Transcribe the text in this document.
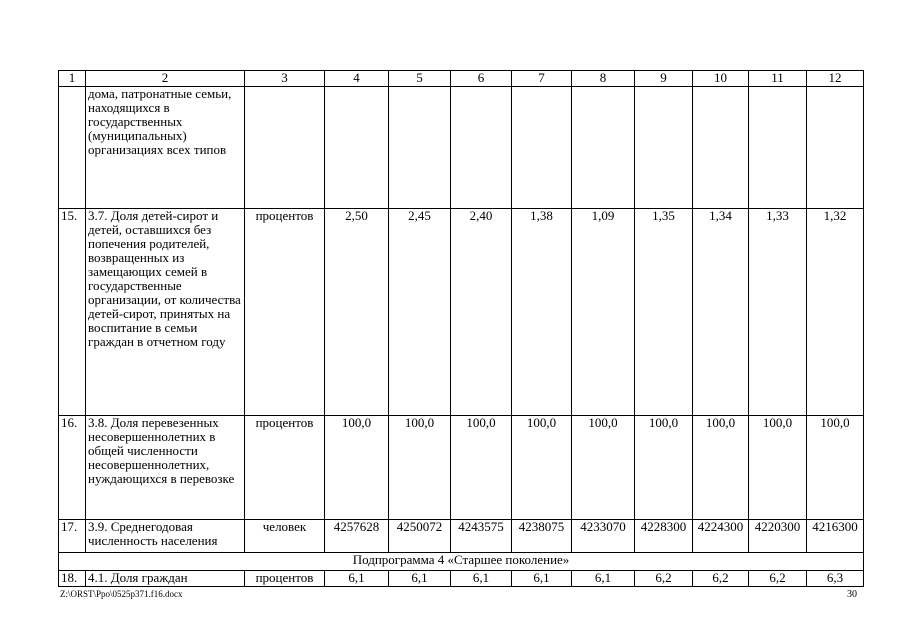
1	2	3	4	5	6	7	8	9	10	11	12
	дома, патронатные семьи, находящихся в государственных (муниципальных) организациях всех типов										
15.	3.7. Доля детей-сирот и детей, оставшихся без попечения родителей, возвращенных из замещающих семей в государственные организации, от количества детей-сирот, принятых на воспитание в семьи граждан в отчетном году	процентов	2,50	2,45	2,40	1,38	1,09	1,35	1,34	1,33	1,32
16.	3.8. Доля перевезенных несовершеннолетних в общей численности несовершеннолетних, нуждающихся в перевозке	процентов	100,0	100,0	100,0	100,0	100,0	100,0	100,0	100,0	100,0
17.	3.9. Среднегодовая численность населения	человек	4257628	4250072	4243575	4238075	4233070	4228300	4224300	4220300	4216300
Подпрограмма 4 «Старшее поколение»											
18.	4.1. Доля граждан	процентов	6,1	6,1	6,1	6,1	6,1	6,2	6,2	6,2	6,3
Z:\ORST\Ppo\0525p371.f16.docx	30
